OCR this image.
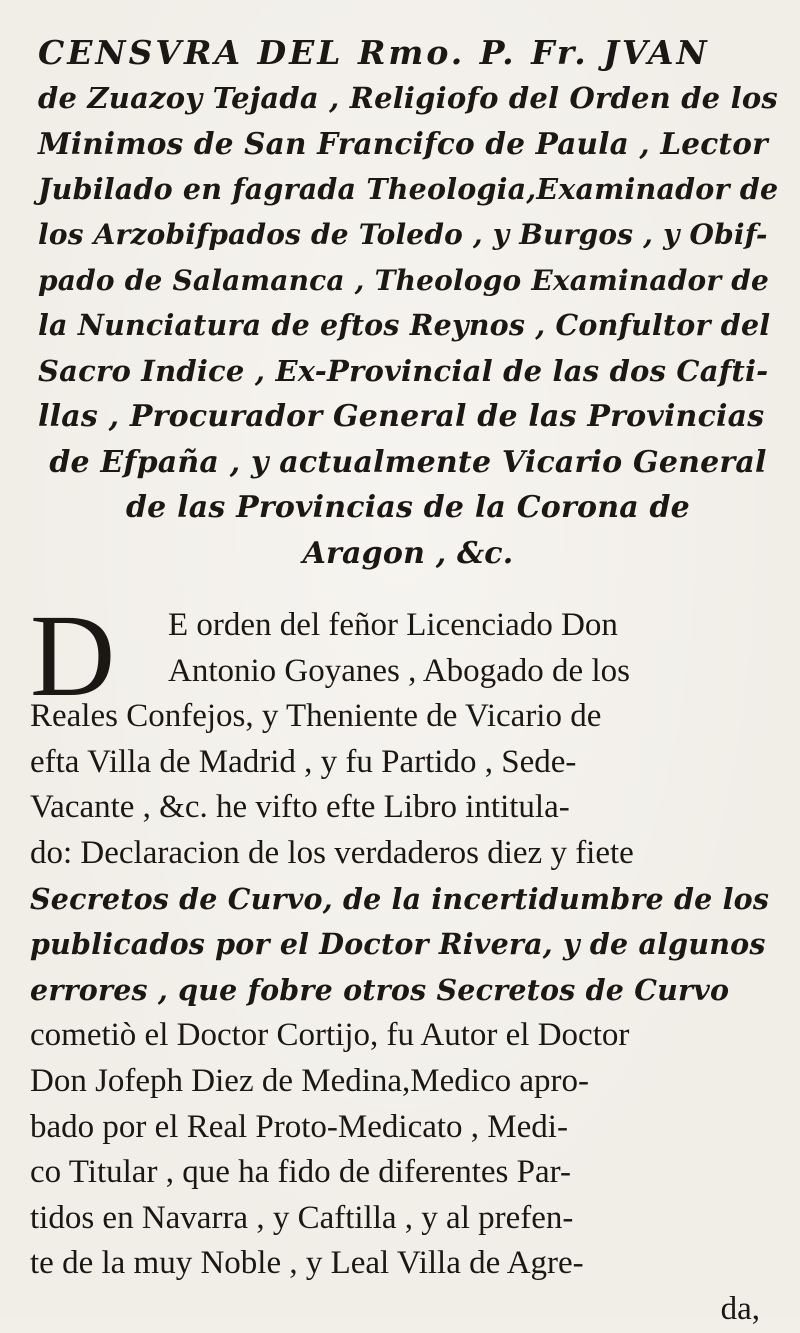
CENSVRA DEL Rmo. P. Fr. JVAN
de Zuazoy Tejada , Religiofo del Orden de los
Minimos de San Francifco de Paula , Lector
Jubilado en fagrada Theologia,Examinador de
los Arzobifpados de Toledo , y Burgos , y Obif-
pado de Salamanca , Theologo Examinador de
la Nunciatura de eftos Reynos , Confultor del
Sacro Indice , Ex-Provincial de las dos Cafti-
llas , Procurador General de las Provincias
de Efpaña , y actualmente Vicario General
de las Provincias de la Corona de
Aragon , &c.
D	E orden del feñor Licenciado Don
Antonio Goyanes , Abogado de los
Reales Confejos, y Theniente de Vicario de
efta Villa de Madrid , y fu Partido , Sede-
Vacante , &c. he vifto efte Libro intitula-
do: Declaracion de los verdaderos diez y fiete
Secretos de Curvo, de la incertidumbre de los
publicados por el Doctor Rivera, y de algunos
errores , que fobre otros Secretos de Curvo
cometiò el Doctor Cortijo, fu Autor el Doctor
Don Jofeph Diez de Medina,Medico apro-
bado por el Real Proto-Medicato , Medi-
co Titular , que ha fido de diferentes Par-
tidos en Navarra , y Caftilla , y al prefen-
te de la muy Noble , y Leal Villa de Agre-
da,
